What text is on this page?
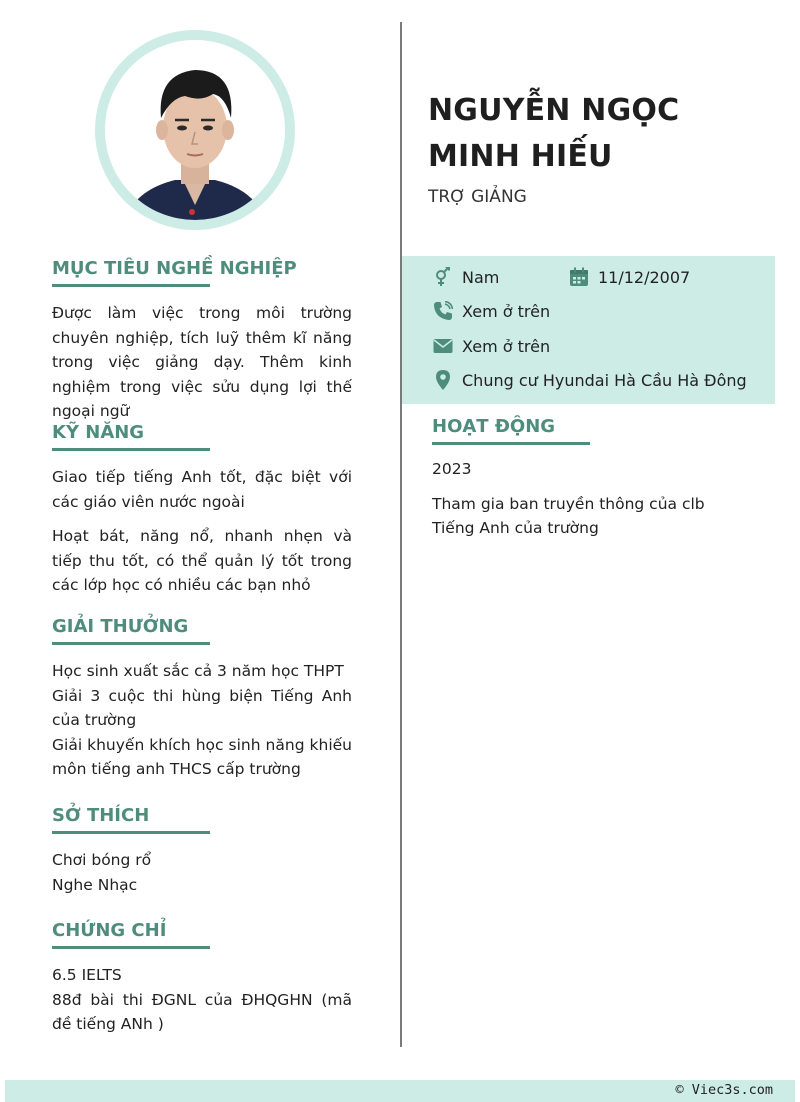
MỤC TIÊU NGHỀ NGHIỆP
Được làm việc trong môi trường chuyên nghiệp, tích luỹ thêm kĩ năng trong việc giảng dạy. Thêm kinh nghiệm trong việc sửu dụng lợi thế ngoại ngữ
KỸ NĂNG
Giao tiếp tiếng Anh tốt, đặc biệt với các giáo viên nước ngoài
Hoạt bát, năng nổ, nhanh nhẹn và tiếp thu tốt, có thể quản lý tốt trong các lớp học có nhiều các bạn nhỏ
GIẢI THƯỞNG
Học sinh xuất sắc cả 3 năm học THPT
Giải 3 cuộc thi hùng biện Tiếng Anh của trường
Giải khuyến khích học sinh năng khiếu môn tiếng anh THCS cấp trường
SỞ THÍCH
Chơi bóng rổ
Nghe Nhạc
CHỨNG CHỈ
6.5 IELTS
88đ bài thi ĐGNL của ĐHQGHN (mã đề tiếng ANh )
NGUYỄN NGỌC MINH HIẾU
TRỢ GIẢNG
Nam	11/12/2007
Xem ở trên
Xem ở trên
Chung cư Hyundai Hà Cầu Hà Đông
HOẠT ĐỘNG
2023
Tham gia ban truyền thông của clb Tiếng Anh của trường
© Viec3s.com
